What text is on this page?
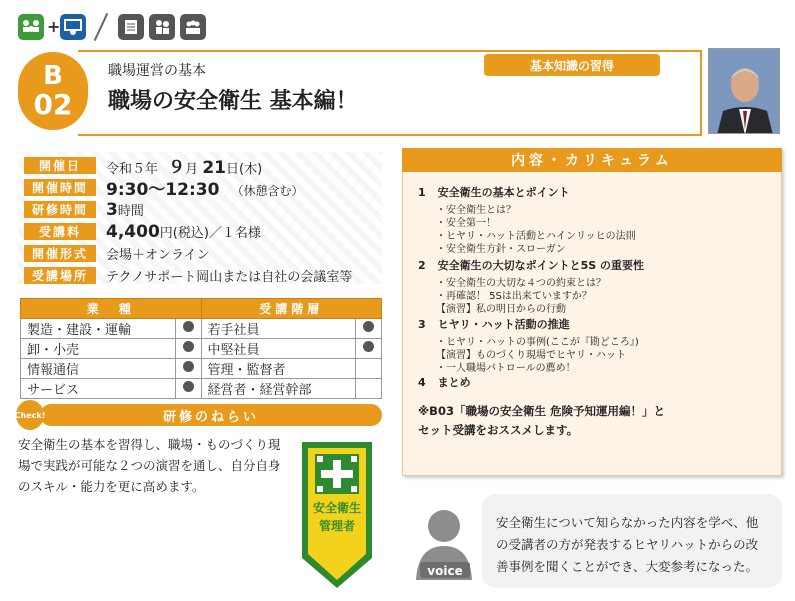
+
B
02
職場運営の基本
職場の安全衛生 基本編！
基本知識の習得
開催日	令和５年 ９月 21日(木)
開催時間	9:30～12:30 （休憩含む）
研修時間	3時間
受講料	4,400円(税込)／１名様
開催形式	会場＋オンライン
受講場所	テクノサポート岡山または自社の会議室等
業　種		受講階層	
製造・建設・運輸		若手社員	
卸・小売		中堅社員	
情報通信		管理・監督者	
サービス		経営者・経営幹部	
研修のねらい
Check!
安全衛生の基本を習得し、職場・ものづくり現場で実践が可能な２つの演習を通し、自分自身のスキル・能力を更に高めます。
安全衛生
管理者
内容・カリキュラム
1 安全衛生の基本とポイント
・安全衛生とは？
・安全第一！
・ヒヤリ・ハット活動とハインリッヒの法則
・安全衛生方針・スローガン
2 安全衛生の大切なポイントと5S の重要性
・安全衛生の大切な４つの約束とは？
・再確認！ 5Sは出来ていますか？
【演習】私の明日からの行動
3 ヒヤリ・ハット活動の推進
・ヒヤリ・ハットの事例(ここが『勘どころ』)
【演習】ものづくり現場でヒヤリ・ハット
・一人職場パトロールの薦め！
4 まとめ
※B03「職場の安全衛生 危険予知運用編！」と
セット受講をおススメします。
voice
安全衛生について知らなかった内容を学べ、他の受講者の方が発表するヒヤリハットからの改善事例を聞くことができ、大変参考になった。
